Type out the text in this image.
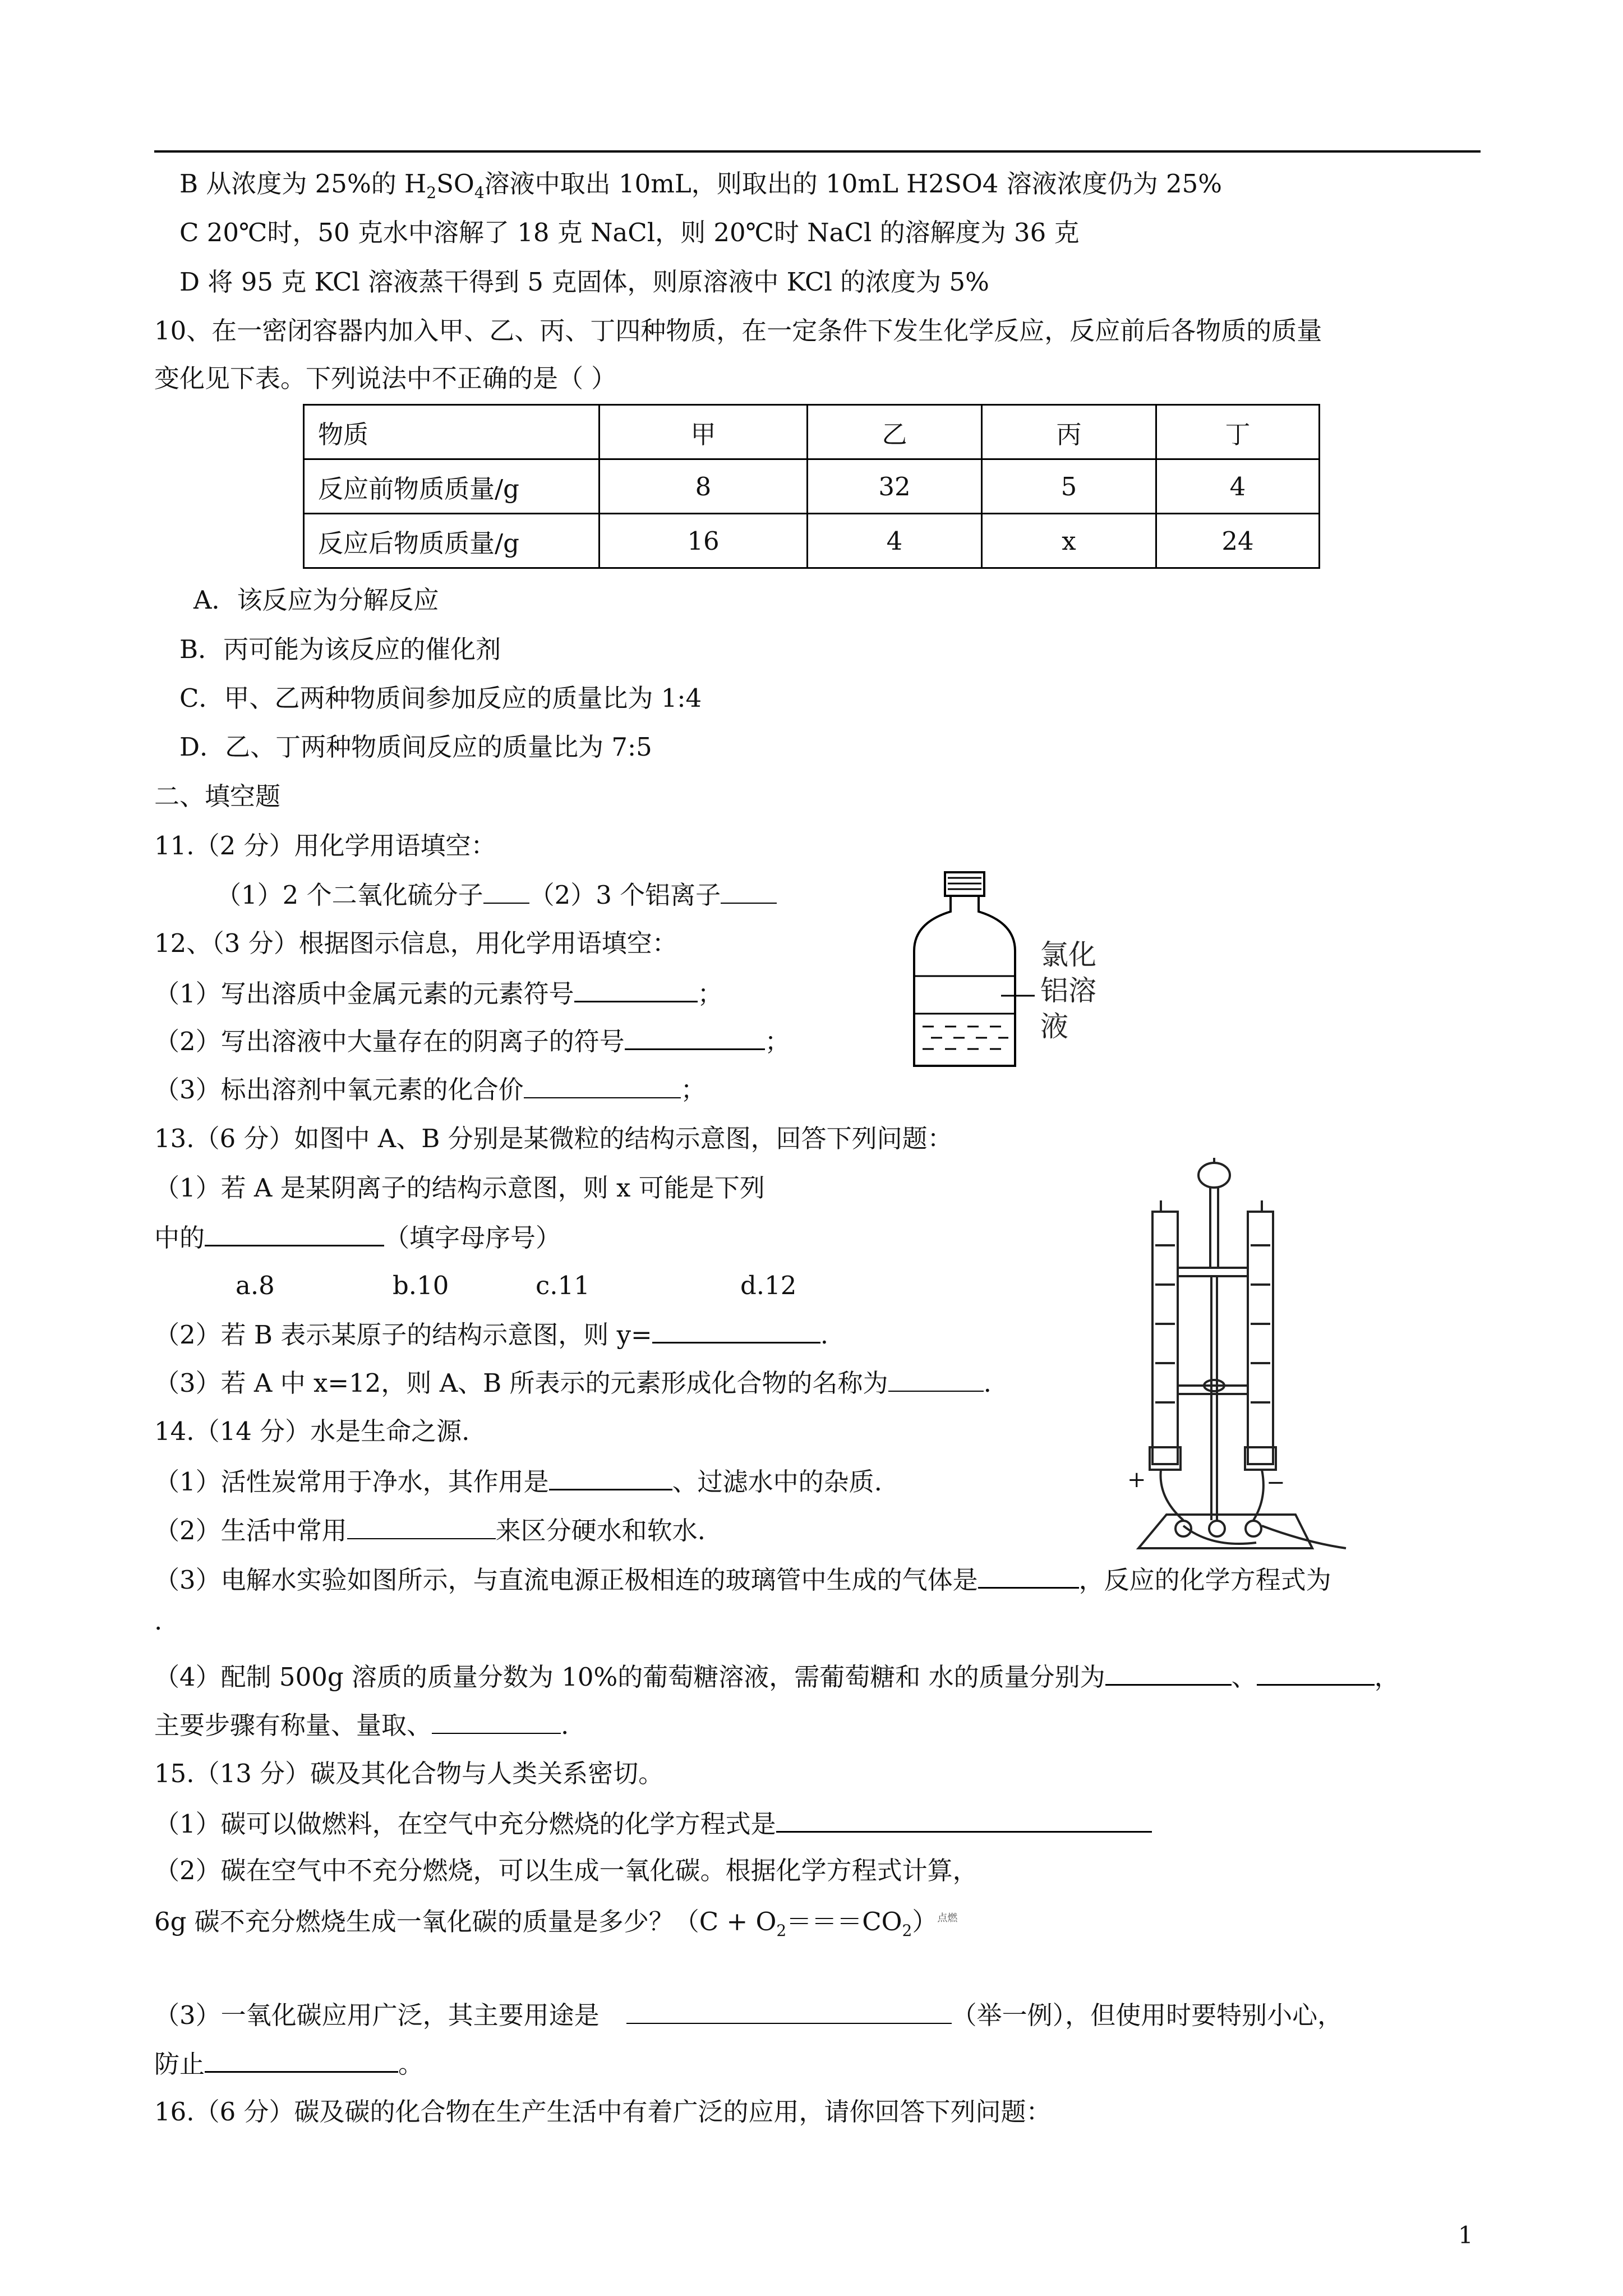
B 从浓度为 25%的 $H_2SO_4$溶液中取出 10mL，则取出的 10mL H2SO4 溶液浓度仍为 25%
C 20℃时，50 克水中溶解了 18 克 NaCl，则 20℃时 NaCl 的溶解度为 36 克
D 将 95 克 KCl 溶液蒸干得到 5 克固体，则原溶液中 KCl 的浓度为 5%
10、在一密闭容器内加入甲、乙、丙、丁四种物质，在一定条件下发生化学反应，反应前后各物质的质量
变化见下表。下列说法中不正确的是（ ）
物质	甲	乙	丙	丁
反应前物质质量/g	8	32	5	4
反应后物质质量/g	16	4	x	24
A．该反应为分解反应
B．丙可能为该反应的催化剂
C．甲、乙两种物质间参加反应的质量比为 1:4
D．乙、丁两种物质间反应的质量比为 7:5
二、填空题
11.（2 分）用化学用语填空：
（1）2 个二氧化硫分子 （2）3 个铝离子
12、（3 分）根据图示信息，用化学用语填空：
（1）写出溶质中金属元素的元素符号	；
（2）写出溶液中大量存在的阴离子的符号	；
（3）标出溶剂中氧元素的化合价	；
氯化
铝溶
液
13.（6 分）如图中 A、B 分别是某微粒的结构示意图，回答下列问题：
（1）若 A 是某阴离子的结构示意图，则 x 可能是下列
中的	（填字母序号）
a.8	b.10	c.11	d.12
（2）若 B 表示某原子的结构示意图，则 y=	.
（3）若 A 中 x=12，则 A、B 所表示的元素形成化合物的名称为	.
+	−
14.（14 分）水是生命之源.
（1）活性炭常用于净水，其作用是	、过滤水中的杂质.
（2）生活中常用	来区分硬水和软水.
（3）电解水实验如图所示，与直流电源正极相连的玻璃管中生成的气体是	，反应的化学方程式为
.
（4）配制 500g 溶质的质量分数为 10%的葡萄糖溶液，需葡萄糖和 水的质量分别为	、	，
主要步骤有称量、量取、	.
15.（13 分）碳及其化合物与人类关系密切。
（1）碳可以做燃料，在空气中充分燃烧的化学方程式是
（2）碳在空气中不充分燃烧，可以生成一氧化碳。根据化学方程式计算，
6g 碳不充分燃烧生成一氧化碳的质量是多少？$(C + O_2===CO_2)^{点燃}$
（3）一氧化碳应用广泛，其主要用途是	（举一例），但使用时要特别小心，
防止	。
16.（6 分）碳及碳的化合物在生产生活中有着广泛的应用，请你回答下列问题：
1
